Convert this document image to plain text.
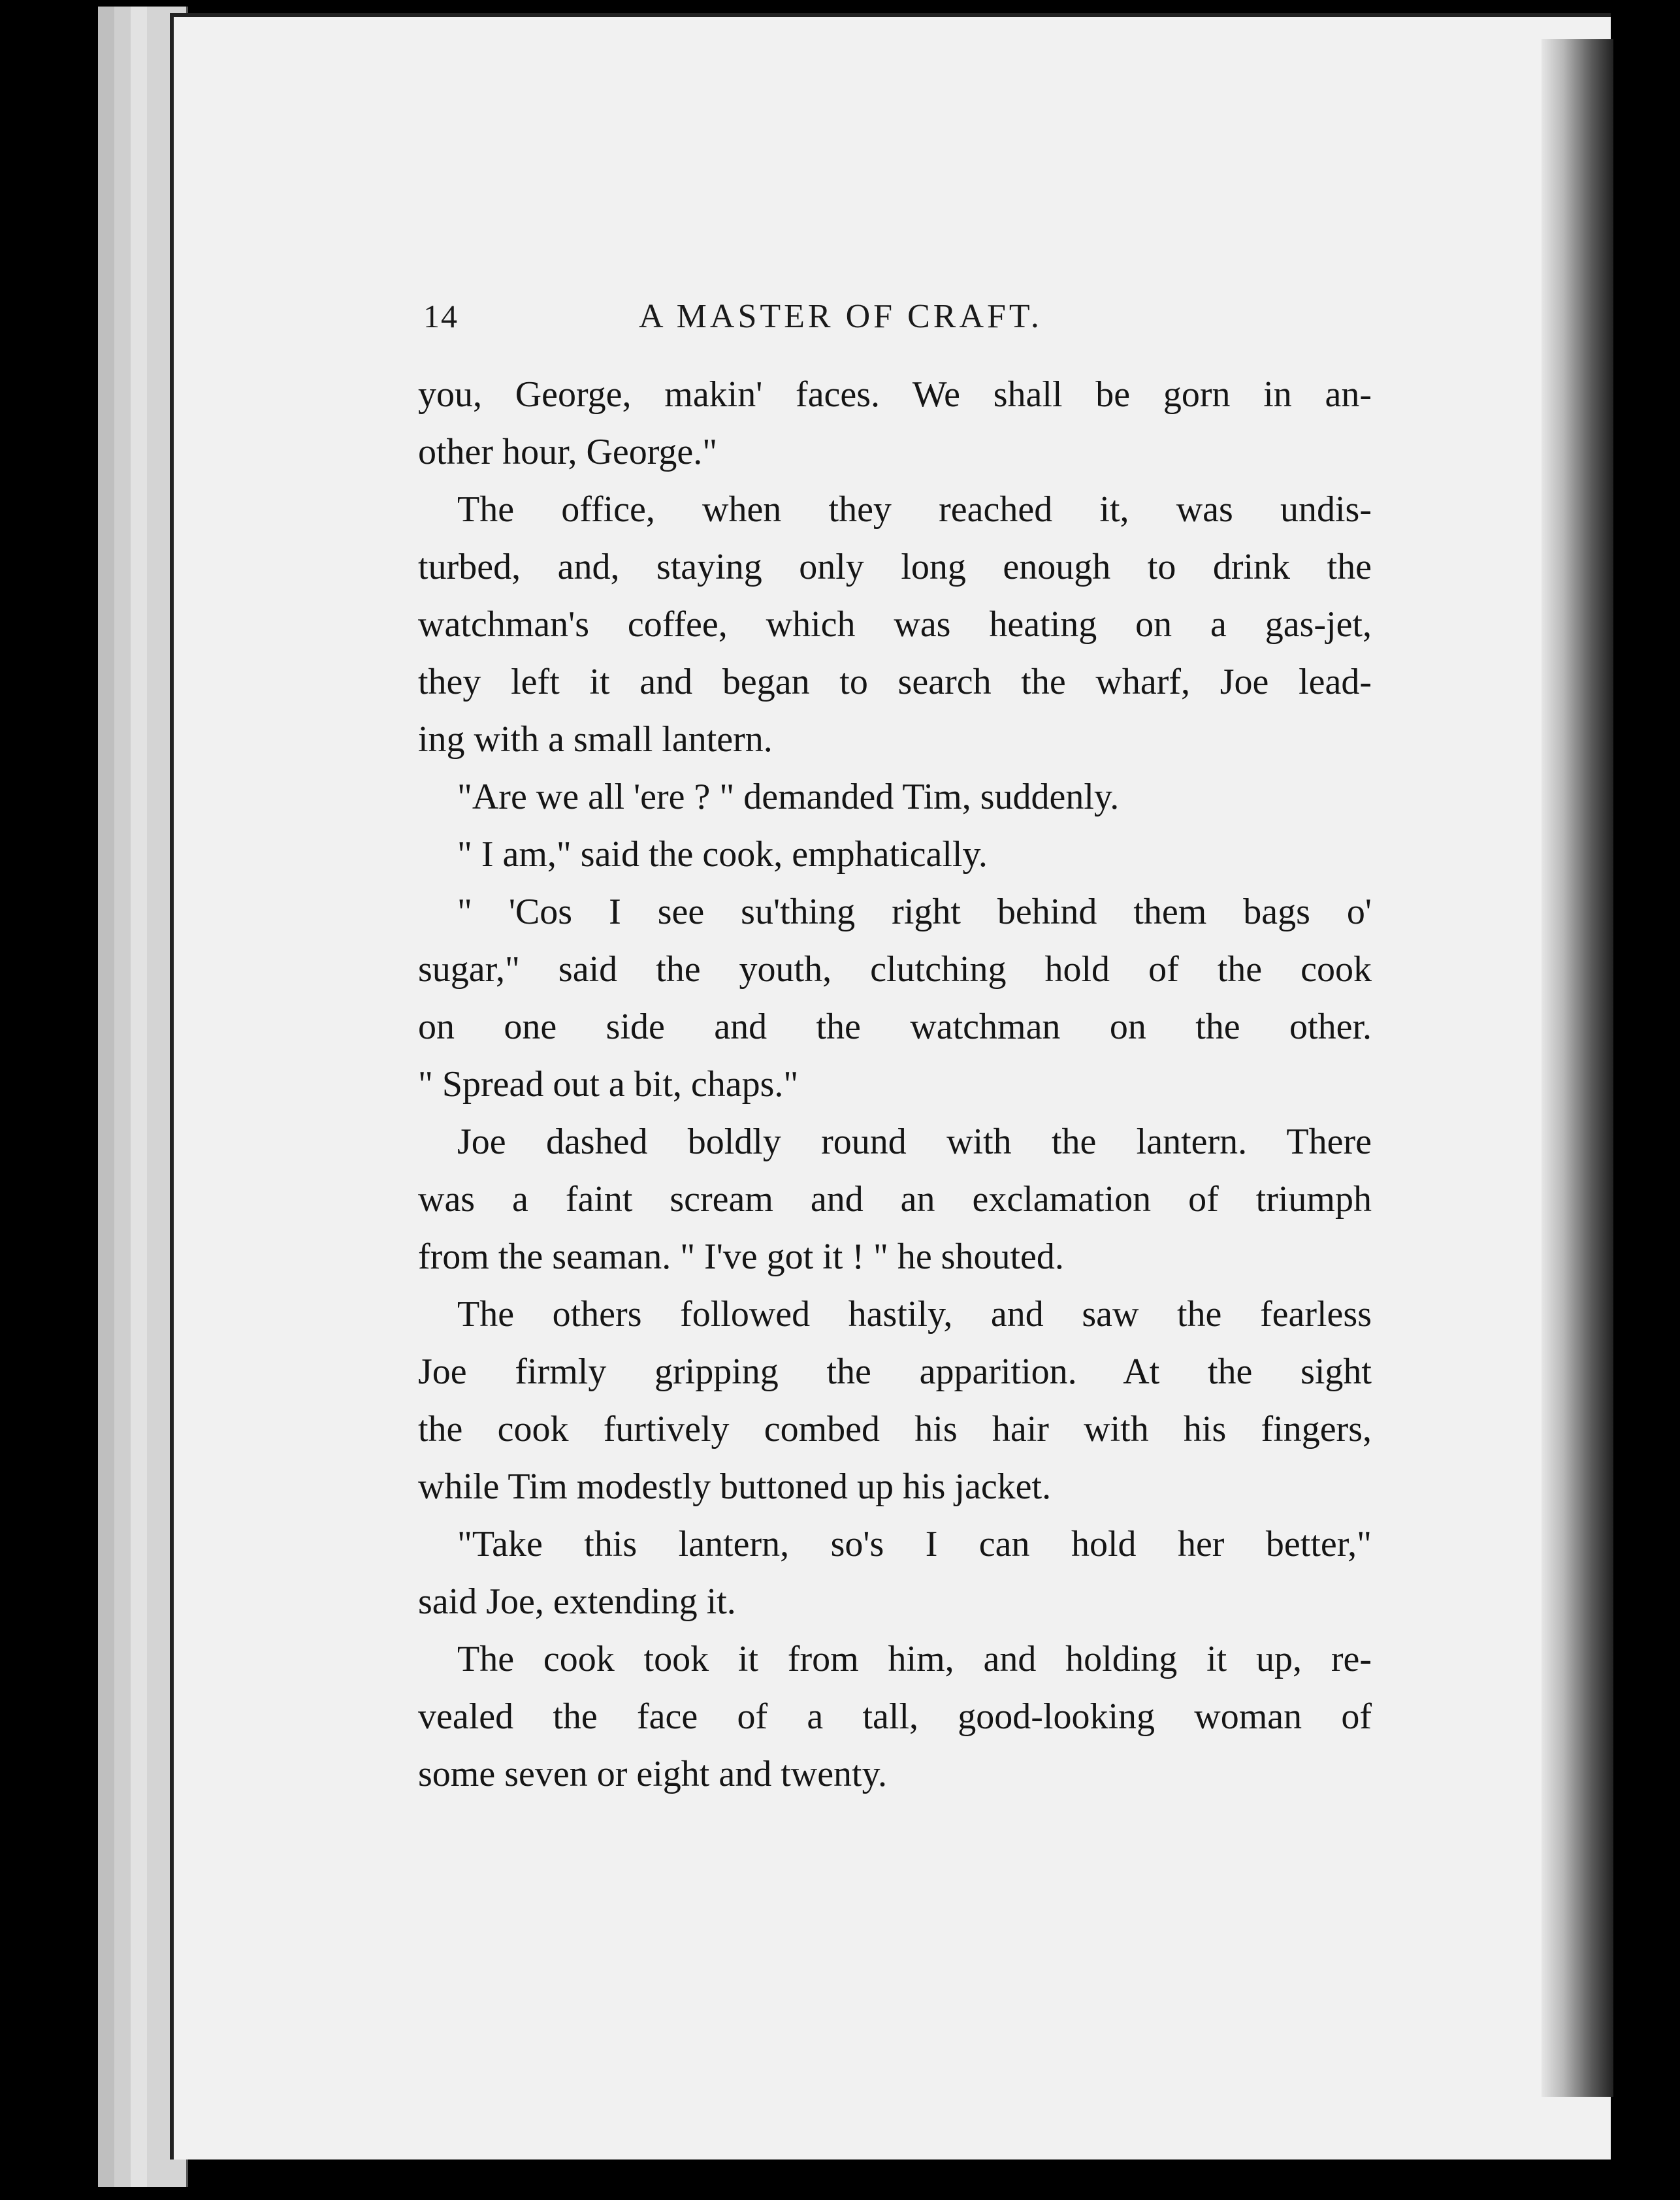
14	A MASTER OF CRAFT.
you, George, makin' faces. We shall be gorn in an-
other hour, George."
The office, when they reached it, was undis-
turbed, and, staying only long enough to drink the
watchman's coffee, which was heating on a gas-jet,
they left it and began to search the wharf, Joe lead-
ing with a small lantern.
"Are we all 'ere ? " demanded Tim, suddenly.
" I am," said the cook, emphatically.
" 'Cos I see su'thing right behind them bags o'
sugar," said the youth, clutching hold of the cook
on one side and the watchman on the other.
" Spread out a bit, chaps."
Joe dashed boldly round with the lantern. There
was a faint scream and an exclamation of triumph
from the seaman. " I've got it ! " he shouted.
The others followed hastily, and saw the fearless
Joe firmly gripping the apparition. At the sight
the cook furtively combed his hair with his fingers,
while Tim modestly buttoned up his jacket.
"Take this lantern, so's I can hold her better,"
said Joe, extending it.
The cook took it from him, and holding it up, re-
vealed the face of a tall, good-looking woman of
some seven or eight and twenty.
